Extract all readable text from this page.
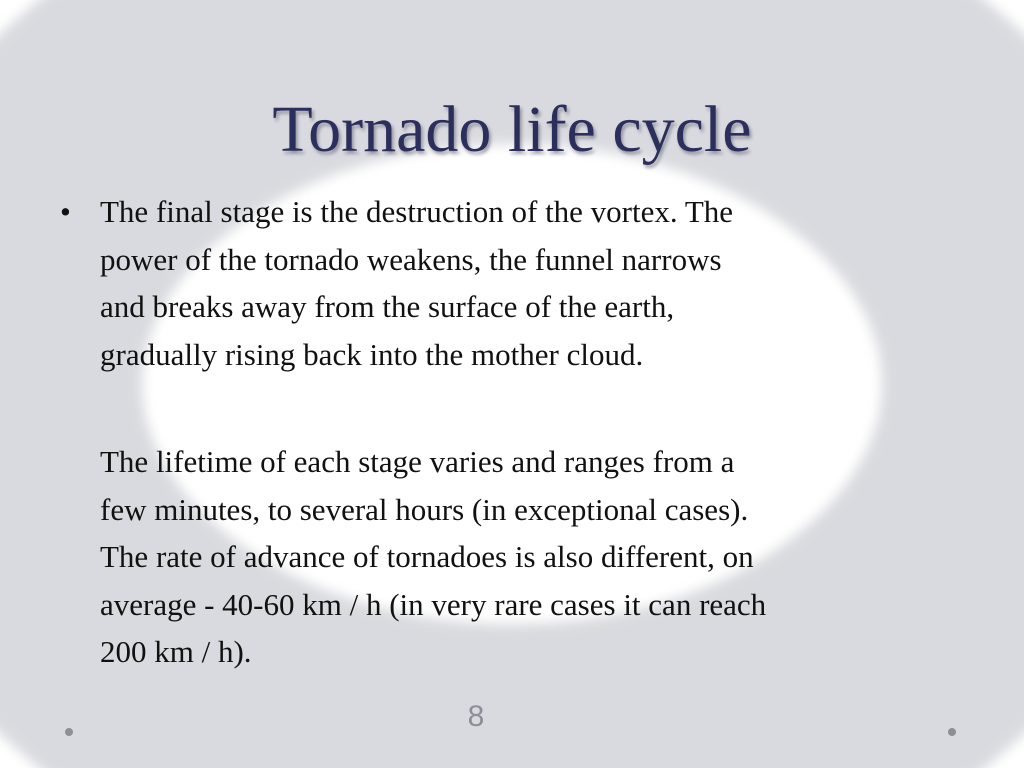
Tornado life cycle
• The final stage is the destruction of the vortex. The
power of the tornado weakens, the funnel narrows
and breaks away from the surface of the earth,
gradually rising back into the mother cloud.

The lifetime of each stage varies and ranges from a
few minutes, to several hours (in exceptional cases).
The rate of advance of tornadoes is also different, on
average - 40-60 km / h (in very rare cases it can reach
200 km / h).

8
